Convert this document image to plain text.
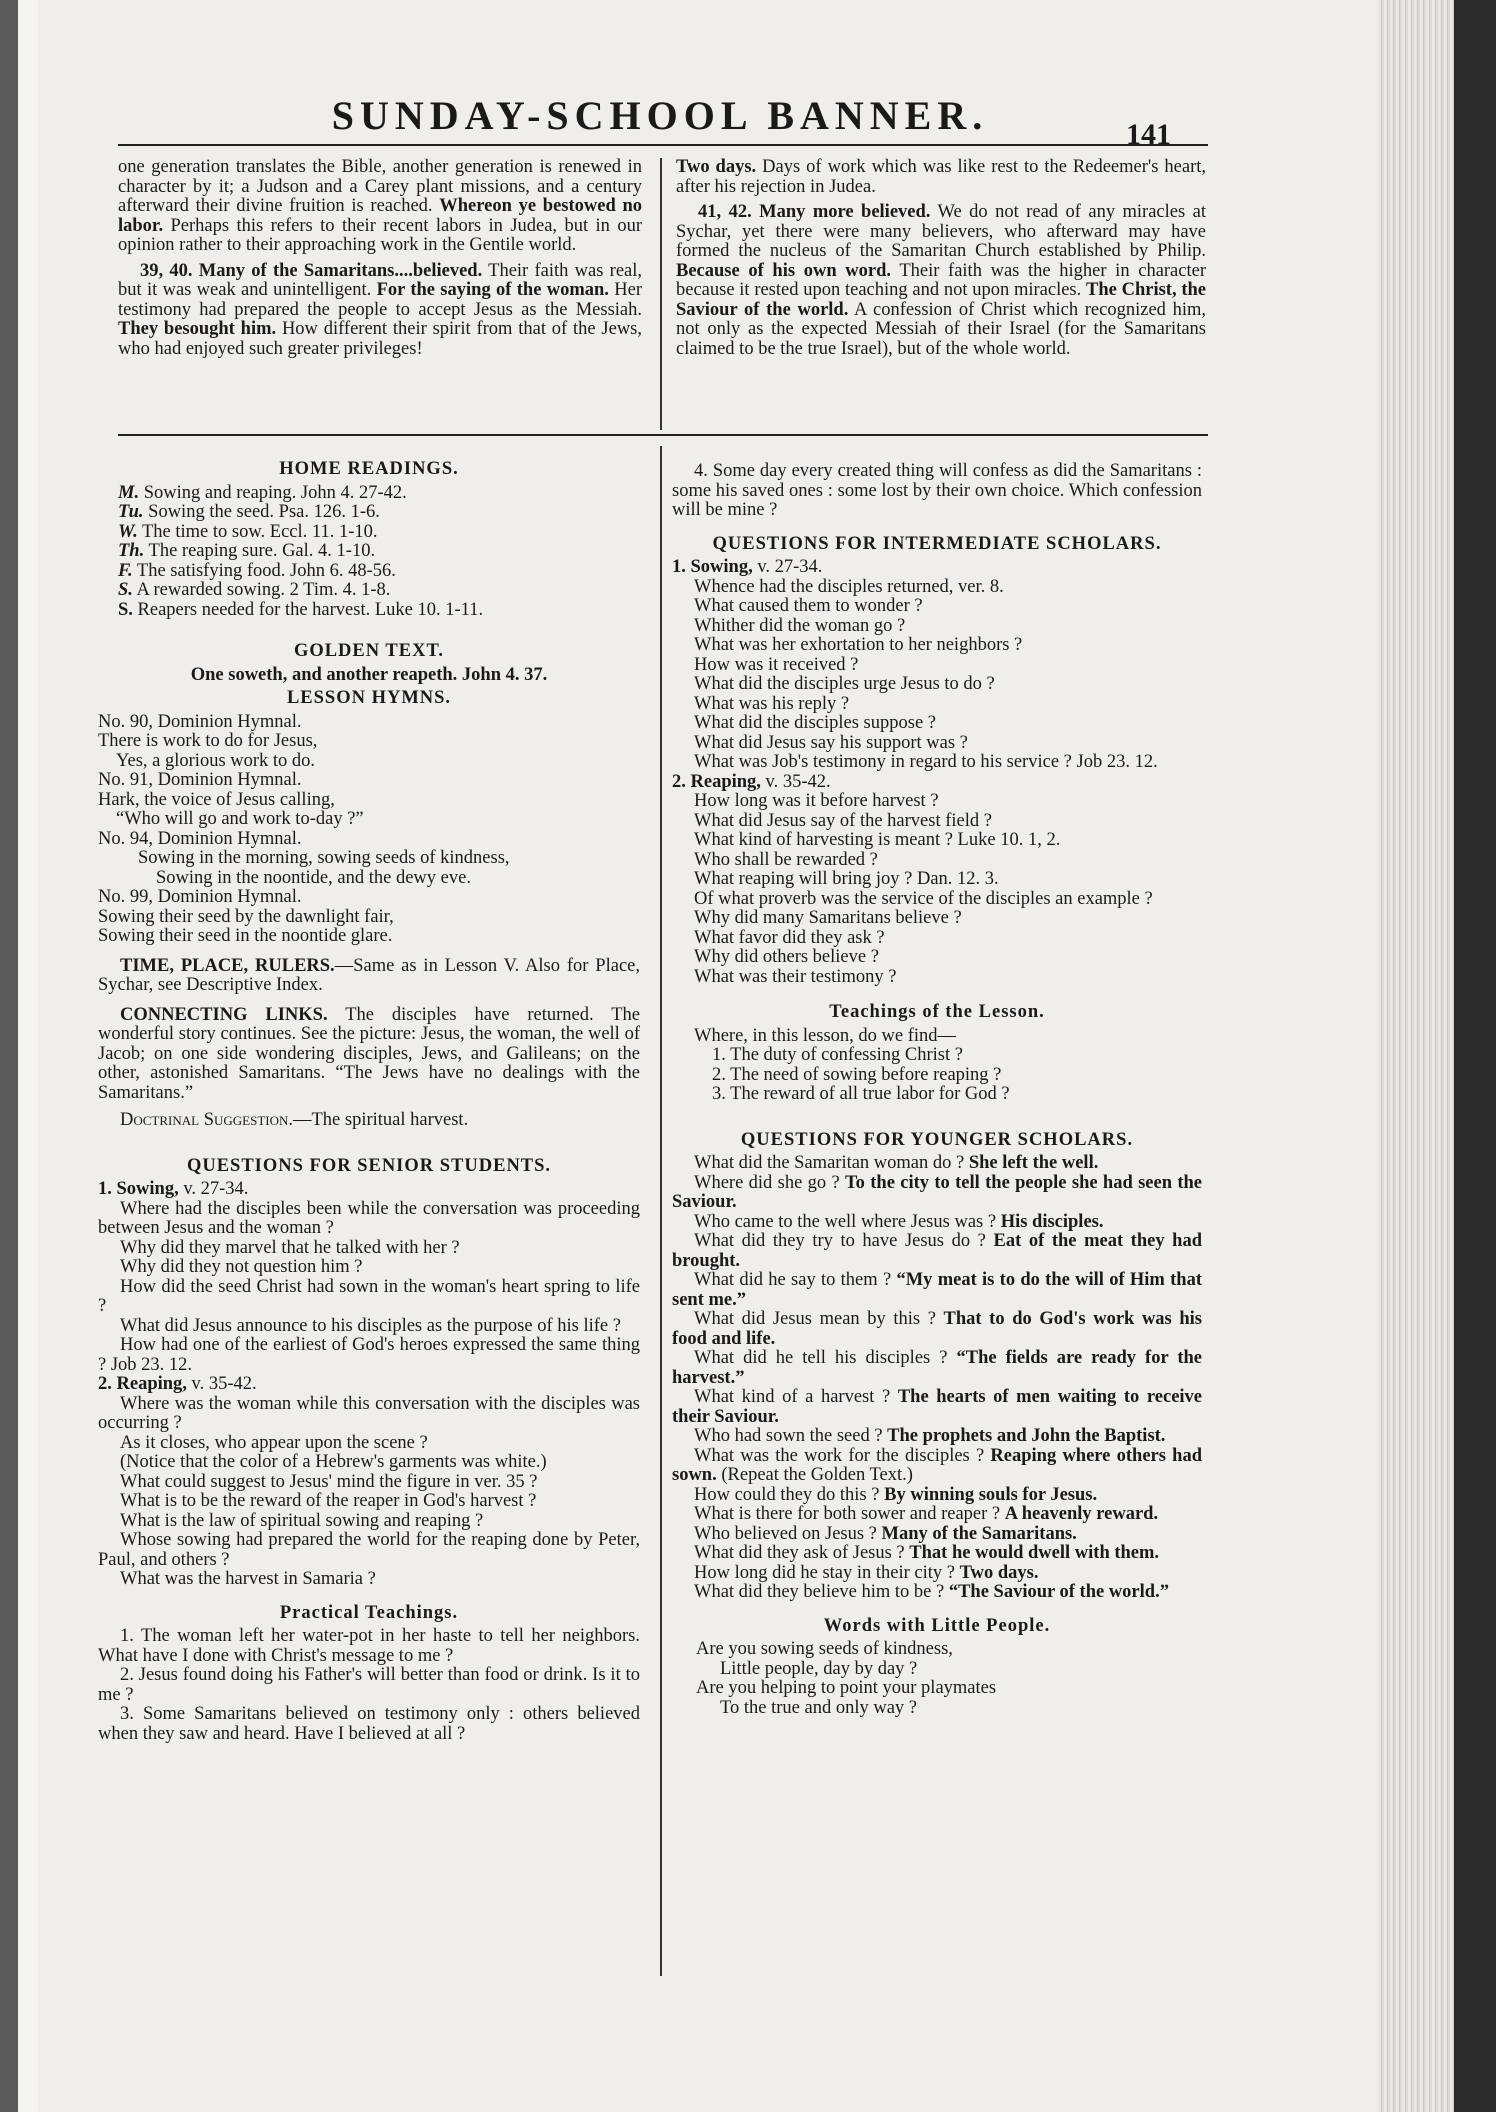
SUNDAY-SCHOOL BANNER.	141

one generation translates the Bible, another generation is renewed in character by it; a Judson and a Carey plant missions, and a century afterward their divine fruition is reached. Whereon ye bestowed no labor. Perhaps this refers to their recent labors in Judea, but in our opinion rather to their approaching work in the Gentile world.

39, 40. Many of the Samaritans....believed. Their faith was real, but it was weak and unintelligent. For the saying of the woman. Her testimony had prepared the people to accept Jesus as the Messiah. They besought him. How different their spirit from that of the Jews, who had enjoyed such greater privileges!

Two days. Days of work which was like rest to the Redeemer's heart, after his rejection in Judea.

41, 42. Many more believed. We do not read of any miracles at Sychar, yet there were many believers, who afterward may have formed the nucleus of the Samaritan Church established by Philip. Because of his own word. Their faith was the higher in character because it rested upon teaching and not upon miracles. The Christ, the Saviour of the world. A confession of Christ which recognized him, not only as the expected Messiah of their Israel (for the Samaritans claimed to be the true Israel), but of the whole world.

HOME READINGS.

M. Sowing and reaping. John 4. 27-42.

Tu. Sowing the seed. Psa. 126. 1-6.

W. The time to sow. Eccl. 11. 1-10.

Th. The reaping sure. Gal. 4. 1-10.

F. The satisfying food. John 6. 48-56.

S. A rewarded sowing. 2 Tim. 4. 1-8.

S. Reapers needed for the harvest. Luke 10. 1-11.

GOLDEN TEXT.

One soweth, and another reapeth. John 4. 37.

LESSON HYMNS.

No. 90, Dominion Hymnal.

There is work to do for Jesus,

Yes, a glorious work to do.

No. 91, Dominion Hymnal.

Hark, the voice of Jesus calling,

“Who will go and work to-day ?”

No. 94, Dominion Hymnal.

Sowing in the morning, sowing seeds of kindness,

Sowing in the noontide, and the dewy eve.

No. 99, Dominion Hymnal.

Sowing their seed by the dawnlight fair,

Sowing their seed in the noontide glare.

TIME, PLACE, RULERS.—Same as in Lesson V. Also for Place, Sychar, see Descriptive Index.

CONNECTING LINKS. The disciples have returned. The wonderful story continues. See the picture: Jesus, the woman, the well of Jacob; on one side wondering disciples, Jews, and Galileans; on the other, astonished Samaritans. “The Jews have no dealings with the Samaritans.”

Doctrinal Suggestion.—The spiritual harvest.

QUESTIONS FOR SENIOR STUDENTS.

1. Sowing, v. 27-34.

Where had the disciples been while the conversation was proceeding between Jesus and the woman ?

Why did they marvel that he talked with her ?

Why did they not question him ?

How did the seed Christ had sown in the woman's heart spring to life ?

What did Jesus announce to his disciples as the purpose of his life ?

How had one of the earliest of God's heroes expressed the same thing ? Job 23. 12.

2. Reaping, v. 35-42.

Where was the woman while this conversation with the disciples was occurring ?

As it closes, who appear upon the scene ?

(Notice that the color of a Hebrew's garments was white.)

What could suggest to Jesus' mind the figure in ver. 35 ?

What is to be the reward of the reaper in God's harvest ?

What is the law of spiritual sowing and reaping ?

Whose sowing had prepared the world for the reaping done by Peter, Paul, and others ?

What was the harvest in Samaria ?

Practical Teachings.

1. The woman left her water-pot in her haste to tell her neighbors. What have I done with Christ's message to me ?

2. Jesus found doing his Father's will better than food or drink. Is it to me ?

3. Some Samaritans believed on testimony only : others believed when they saw and heard. Have I believed at all ?

4. Some day every created thing will confess as did the Samaritans : some his saved ones : some lost by their own choice. Which confession will be mine ?

QUESTIONS FOR INTERMEDIATE SCHOLARS.

1. Sowing, v. 27-34.

Whence had the disciples returned, ver. 8.

What caused them to wonder ?

Whither did the woman go ?

What was her exhortation to her neighbors ?

How was it received ?

What did the disciples urge Jesus to do ?

What was his reply ?

What did the disciples suppose ?

What did Jesus say his support was ?

What was Job's testimony in regard to his service ? Job 23. 12.

2. Reaping, v. 35-42.

How long was it before harvest ?

What did Jesus say of the harvest field ?

What kind of harvesting is meant ? Luke 10. 1, 2.

Who shall be rewarded ?

What reaping will bring joy ? Dan. 12. 3.

Of what proverb was the service of the disciples an example ?

Why did many Samaritans believe ?

What favor did they ask ?

Why did others believe ?

What was their testimony ?

Teachings of the Lesson.

Where, in this lesson, do we find—

1. The duty of confessing Christ ?

2. The need of sowing before reaping ?

3. The reward of all true labor for God ?

QUESTIONS FOR YOUNGER SCHOLARS.

What did the Samaritan woman do ? She left the well.

Where did she go ? To the city to tell the people she had seen the Saviour.

Who came to the well where Jesus was ? His disciples.

What did they try to have Jesus do ? Eat of the meat they had brought.

What did he say to them ? “My meat is to do the will of Him that sent me.”

What did Jesus mean by this ? That to do God's work was his food and life.

What did he tell his disciples ? “The fields are ready for the harvest.”

What kind of a harvest ? The hearts of men waiting to receive their Saviour.

Who had sown the seed ? The prophets and John the Baptist.

What was the work for the disciples ? Reaping where others had sown. (Repeat the Golden Text.)

How could they do this ? By winning souls for Jesus.

What is there for both sower and reaper ? A heavenly reward.

Who believed on Jesus ? Many of the Samaritans.

What did they ask of Jesus ? That he would dwell with them.

How long did he stay in their city ? Two days.

What did they believe him to be ? “The Saviour of the world.”

Words with Little People.

Are you sowing seeds of kindness,

Little people, day by day ?

Are you helping to point your playmates

To the true and only way ?
